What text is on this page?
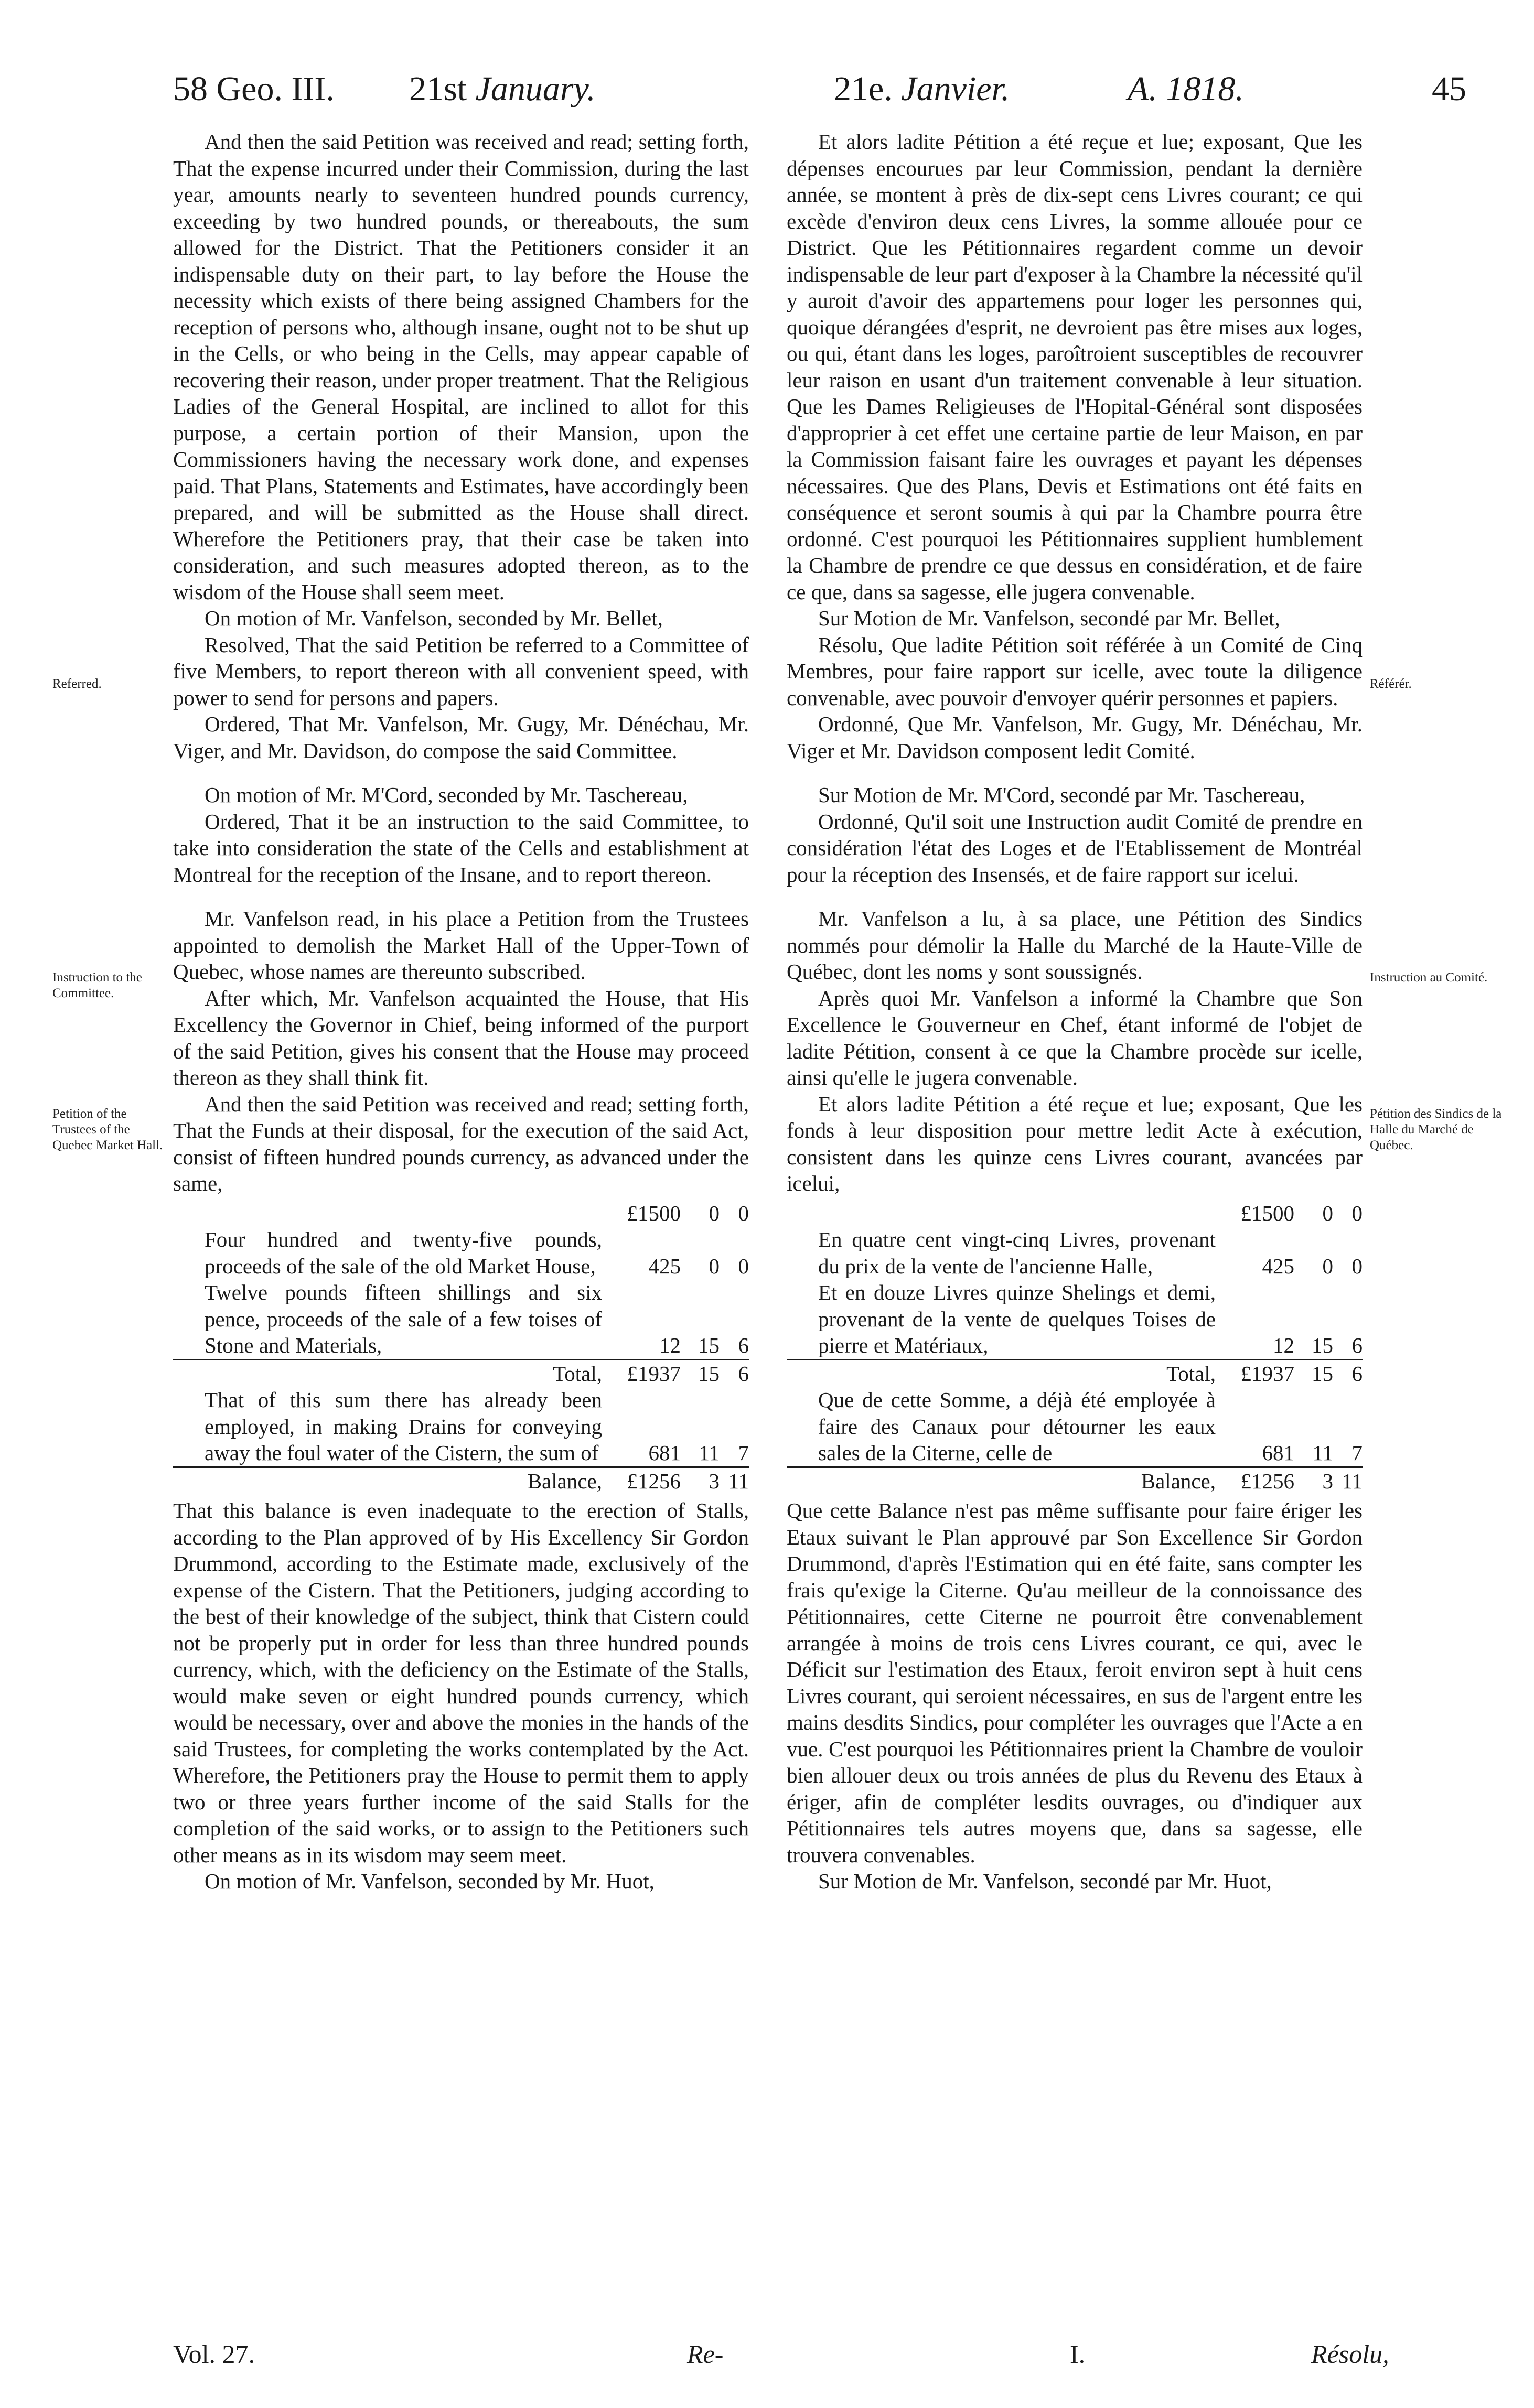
58 Geo. III. 21st January.	21e. Janvier.	A. 1818.	45
Referred.
Instruction to the Committee.
Petition of the Trustees of the Quebec Market Hall.
Référér.
Instruction au Comité.
Pétition des Sindics de la Halle du Marché de Québec.

And then the said Petition was received and read; setting forth, That the expense incurred under their Commission, during the last year, amounts nearly to seventeen hundred pounds currency, exceeding by two hundred pounds, or thereabouts, the sum allowed for the District. That the Petitioners consider it an indispensable duty on their part, to lay before the House the necessity which exists of there being assigned Chambers for the reception of persons who, although insane, ought not to be shut up in the Cells, or who being in the Cells, may appear capable of recovering their reason, under proper treatment. That the Religious Ladies of the General Hospital, are inclined to allot for this purpose, a certain portion of their Mansion, upon the Commissioners having the necessary work done, and expenses paid. That Plans, Statements and Estimates, have accordingly been prepared, and will be submitted as the House shall direct. Wherefore the Petitioners pray, that their case be taken into consideration, and such measures adopted thereon, as to the wisdom of the House shall seem meet.

On motion of Mr. Vanfelson, seconded by Mr. Bellet,

Resolved, That the said Petition be referred to a Committee of five Members, to report thereon with all convenient speed, with power to send for persons and papers.

Ordered, That Mr. Vanfelson, Mr. Gugy, Mr. Dénéchau, Mr. Viger, and Mr. Davidson, do compose the said Committee.

On motion of Mr. M'Cord, seconded by Mr. Taschereau,

Ordered, That it be an instruction to the said Committee, to take into consideration the state of the Cells and establishment at Montreal for the reception of the Insane, and to report thereon.

Mr. Vanfelson read, in his place a Petition from the Trustees appointed to demolish the Market Hall of the Upper-Town of Quebec, whose names are thereunto subscribed.

After which, Mr. Vanfelson acquainted the House, that His Excellency the Governor in Chief, being informed of the purport of the said Petition, gives his consent that the House may proceed thereon as they shall think fit.

And then the said Petition was received and read; setting forth, That the Funds at their disposal, for the execution of the said Act, consist of fifteen hundred pounds currency, as advanced under the same,

	£1500	0	0
Four hundred and twenty-five pounds, proceeds of the sale of the old Market House,	425	0	0
Twelve pounds fifteen shillings and six pence, proceeds of the sale of a few toises of Stone and Materials,	12	15	6
Total,	£1937	15	6
That of this sum there has already been employed, in making Drains for conveying away the foul water of the Cistern, the sum of	681	11	7
Balance,	£1256	3	11

That this balance is even inadequate to the erection of Stalls, according to the Plan approved of by His Excellency Sir Gordon Drummond, according to the Estimate made, exclusively of the expense of the Cistern. That the Petitioners, judging according to the best of their knowledge of the subject, think that Cistern could not be properly put in order for less than three hundred pounds currency, which, with the deficiency on the Estimate of the Stalls, would make seven or eight hundred pounds currency, which would be necessary, over and above the monies in the hands of the said Trustees, for completing the works contemplated by the Act. Wherefore, the Petitioners pray the House to permit them to apply two or three years further income of the said Stalls for the completion of the said works, or to assign to the Petitioners such other means as in its wisdom may seem meet.

On motion of Mr. Vanfelson, seconded by Mr. Huot,

Et alors ladite Pétition a été reçue et lue; exposant, Que les dépenses encourues par leur Commission, pendant la dernière année, se montent à près de dix-sept cens Livres courant; ce qui excède d'environ deux cens Livres, la somme allouée pour ce District. Que les Pétitionnaires regardent comme un devoir indispensable de leur part d'exposer à la Chambre la nécessité qu'il y auroit d'avoir des appartemens pour loger les personnes qui, quoique dérangées d'esprit, ne devroient pas être mises aux loges, ou qui, étant dans les loges, paroîtroient susceptibles de recouvrer leur raison en usant d'un traitement convenable à leur situation. Que les Dames Religieuses de l'Hopital-Général sont disposées d'approprier à cet effet une certaine partie de leur Maison, en par la Commission faisant faire les ouvrages et payant les dépenses nécessaires. Que des Plans, Devis et Estimations ont été faits en conséquence et seront soumis à qui par la Chambre pourra être ordonné. C'est pourquoi les Pétitionnaires supplient humblement la Chambre de prendre ce que dessus en considération, et de faire ce que, dans sa sagesse, elle jugera convenable.

Sur Motion de Mr. Vanfelson, secondé par Mr. Bellet,

Résolu, Que ladite Pétition soit référée à un Comité de Cinq Membres, pour faire rapport sur icelle, avec toute la diligence convenable, avec pouvoir d'envoyer quérir personnes et papiers.

Ordonné, Que Mr. Vanfelson, Mr. Gugy, Mr. Dénéchau, Mr. Viger et Mr. Davidson composent ledit Comité.

Sur Motion de Mr. M'Cord, secondé par Mr. Taschereau,

Ordonné, Qu'il soit une Instruction audit Comité de prendre en considération l'état des Loges et de l'Etablissement de Montréal pour la réception des Insensés, et de faire rapport sur icelui.

Mr. Vanfelson a lu, à sa place, une Pétition des Sindics nommés pour démolir la Halle du Marché de la Haute-Ville de Québec, dont les noms y sont soussignés.

Après quoi Mr. Vanfelson a informé la Chambre que Son Excellence le Gouverneur en Chef, étant informé de l'objet de ladite Pétition, consent à ce que la Chambre procède sur icelle, ainsi qu'elle le jugera convenable.

Et alors ladite Pétition a été reçue et lue; exposant, Que les fonds à leur disposition pour mettre ledit Acte à exécution, consistent dans les quinze cens Livres courant, avancées par icelui,

	£1500	0	0
En quatre cent vingt-cinq Livres, provenant du prix de la vente de l'ancienne Halle,	425	0	0
Et en douze Livres quinze Shelings et demi, provenant de la vente de quelques Toises de pierre et Matériaux,	12	15	6
Total,	£1937	15	6
Que de cette Somme, a déjà été employée à faire des Canaux pour détourner les eaux sales de la Citerne, celle de	681	11	7
Balance,	£1256	3	11

Que cette Balance n'est pas même suffisante pour faire ériger les Etaux suivant le Plan approuvé par Son Excellence Sir Gordon Drummond, d'après l'Estimation qui en été faite, sans compter les frais qu'exige la Citerne. Qu'au meilleur de la connoissance des Pétitionnaires, cette Citerne ne pourroit être convenablement arrangée à moins de trois cens Livres courant, ce qui, avec le Déficit sur l'estimation des Etaux, feroit environ sept à huit cens Livres courant, qui seroient nécessaires, en sus de l'argent entre les mains desdits Sindics, pour compléter les ouvrages que l'Acte a en vue. C'est pourquoi les Pétitionnaires prient la Chambre de vouloir bien allouer deux ou trois années de plus du Revenu des Etaux à ériger, afin de compléter lesdits ouvrages, ou d'indiquer aux Pétitionnaires tels autres moyens que, dans sa sagesse, elle trouvera convenables.

Sur Motion de Mr. Vanfelson, secondé par Mr. Huot,

Vol. 27.	Re-	I.	Résolu,
